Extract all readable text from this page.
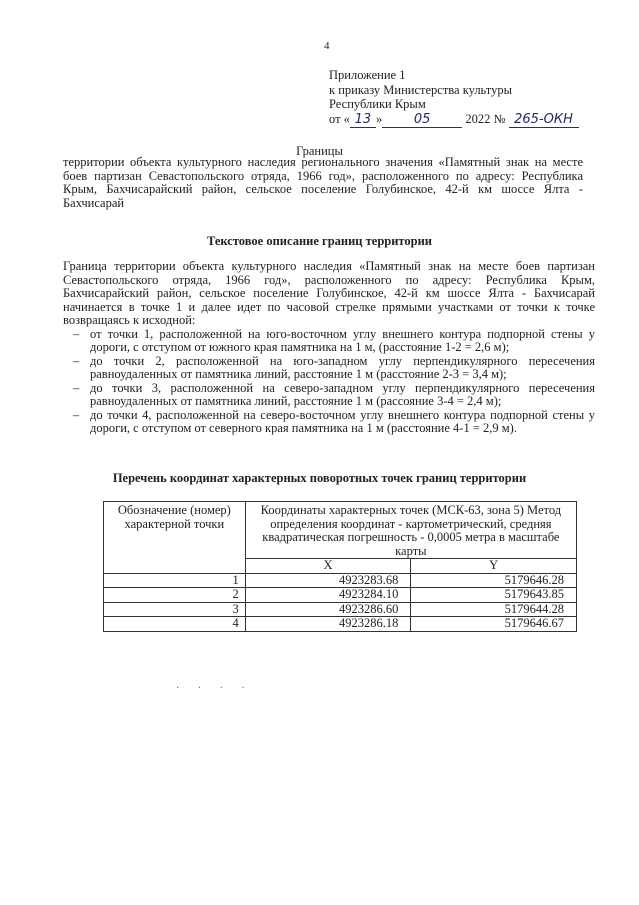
4
Приложение 1
к приказу Министерства культуры
Республики Крым
от « 13 » 05	2022 № 265-ОКН
Границы
территории объекта культурного наследия регионального значения «Памятный знак на месте боев партизан Севастопольского отряда, 1966 год», расположенного по адресу: Республика Крым, Бахчисарайский район, сельское поселение Голубинское, 42-й км шоссе Ялта - Бахчисарай
Текстовое описание границ территории
Граница территории объекта культурного наследия «Памятный знак на месте боев партизан Севастопольского отряда, 1966 год», расположенного по адресу: Республика Крым, Бахчисарайский район, сельское поселение Голубинское, 42-й км шоссе Ялта - Бахчисарай начинается в точке 1 и далее идет по часовой стрелке прямыми участками от точки к точке возвращаясь к исходной:
– от точки 1, расположенной на юго-восточном углу внешнего контура подпорной стены у дороги, с отступом от южного края памятника на 1 м, (расстояние 1-2 = 2,6 м);
– до точки 2, расположенной на юго-западном углу перпендикулярного пересечения равноудаленных от памятника линий, расстояние 1 м (расстояние 2-3 = 3,4 м);
– до точки 3, расположенной на северо-западном углу перпендикулярного пересечения равноудаленных от памятника линий, расстояние 1 м (рассояние 3-4 = 2,4 м);
– до точки 4, расположенной на северо-восточном углу внешнего контура подпорной стены у дороги, с отступом от северного края памятника на 1 м (расстояние 4-1 = 2,9 м).
Перечень координат характерных поворотных точек границ территории
Обозначение (номер) характерной точки	Координаты характерных точек (МСК-63, зона 5) Метод определения координат - картометрический, средняя квадратическая погрешность - 0,0005 метра в масштабе карты	
	X	Y
1	4923283.68	5179646.28
2	4923284.10	5179643.85
3	4923286.60	5179644.28
4	4923286.18	5179646.67
· · · ·
